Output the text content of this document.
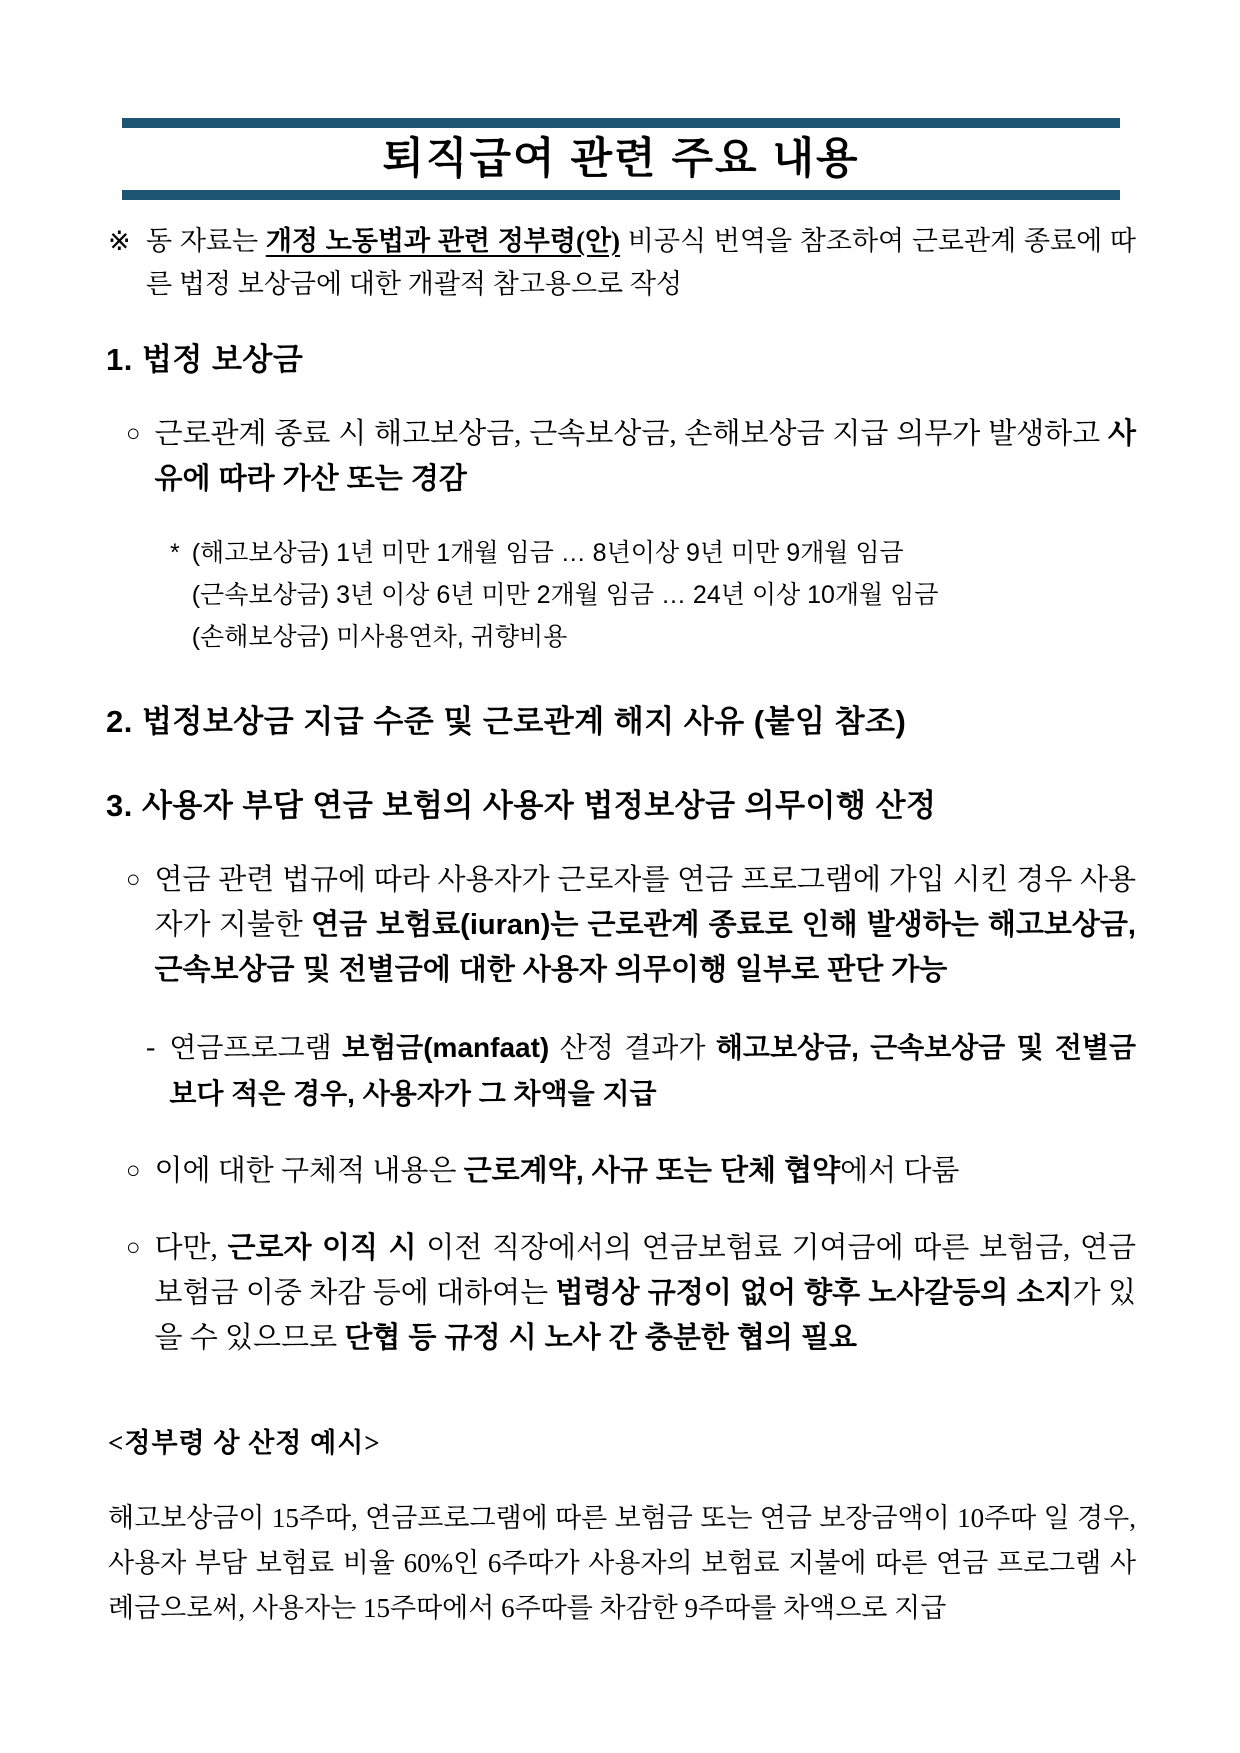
퇴직급여 관련 주요 내용

※ 동 자료는 개정 노동법과 관련 정부령(안) 비공식 번역을 참조하여 근로관계 종료에 따른 법정 보상금에 대한 개괄적 참고용으로 작성

1. 법정 보상금
○ 근로관계 종료 시 해고보상금, 근속보상금, 손해보상금 지급 의무가 발생하고 사유에 따라 가산 또는 경감
* (해고보상금) 1년 미만 1개월 임금 … 8년이상 9년 미만 9개월 임금
(근속보상금) 3년 이상 6년 미만 2개월 임금 … 24년 이상 10개월 임금
(손해보상금) 미사용연차, 귀향비용
2. 법정보상금 지급 수준 및 근로관계 해지 사유 (붙임 참조)
3. 사용자 부담 연금 보험의 사용자 법정보상금 의무이행 산정
○ 연금 관련 법규에 따라 사용자가 근로자를 연금 프로그램에 가입 시킨 경우 사용자가 지불한 연금 보험료(iuran)는 근로관계 종료로 인해 발생하는 해고보상금, 근속보상금 및 전별금에 대한 사용자 의무이행 일부로 판단 가능
- 연금프로그램 보험금(manfaat) 산정 결과가 해고보상금, 근속보상금 및 전별금 보다 적은 경우, 사용자가 그 차액을 지급
○ 이에 대한 구체적 내용은 근로계약, 사규 또는 단체 협약에서 다룸
○ 다만, 근로자 이직 시 이전 직장에서의 연금보험료 기여금에 따른 보험금, 연금보험금 이중 차감 등에 대하여는 법령상 규정이 없어 향후 노사갈등의 소지가 있을 수 있으므로 단협 등 규정 시 노사 간 충분한 협의 필요

<정부령 상 산정 예시>

해고보상금이 15주따, 연금프로그램에 따른 보험금 또는 연금 보장금액이 10주따 일 경우, 사용자 부담 보험료 비율 60%인 6주따가 사용자의 보험료 지불에 따른 연금 프로그램 사례금으로써, 사용자는 15주따에서 6주따를 차감한 9주따를 차액으로 지급
